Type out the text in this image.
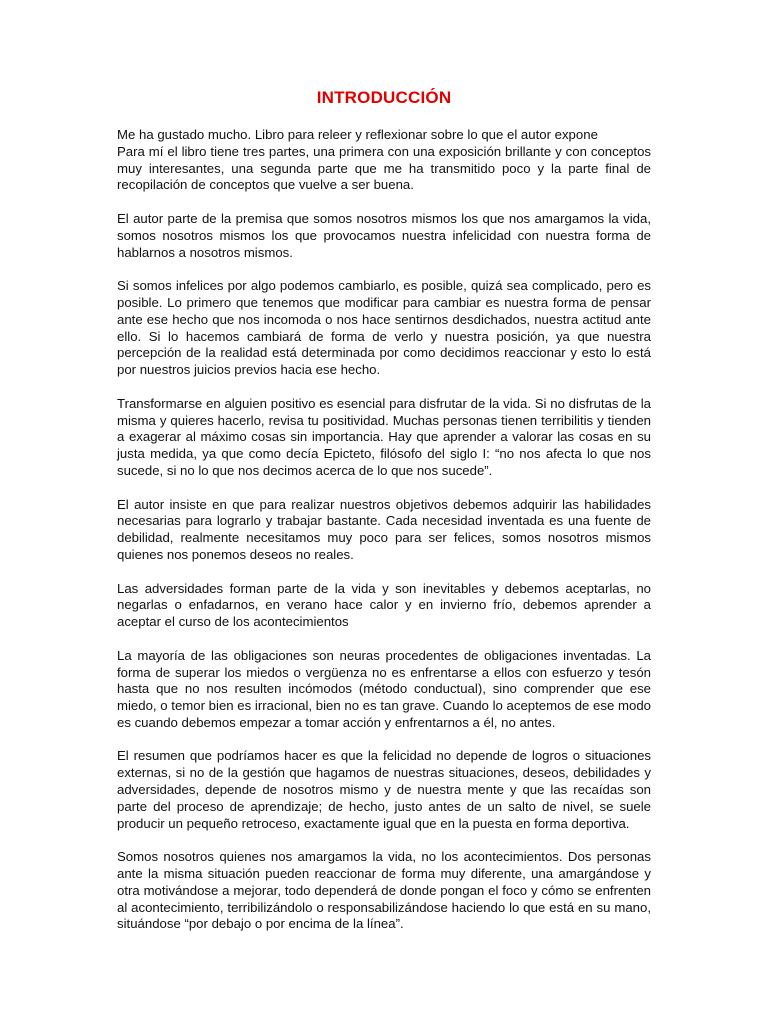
INTRODUCCIÓN

Me ha gustado mucho. Libro para releer y reflexionar sobre lo que el autor expone
Para mí el libro tiene tres partes, una primera con una exposición brillante y con conceptos muy interesantes, una segunda parte que me ha transmitido poco y la parte final de recopilación de conceptos que vuelve a ser buena.

El autor parte de la premisa que somos nosotros mismos los que nos amargamos la vida, somos nosotros mismos los que provocamos nuestra infelicidad con nuestra forma de hablarnos a nosotros mismos.

Si somos infelices por algo podemos cambiarlo, es posible, quizá sea complicado, pero es posible. Lo primero que tenemos que modificar para cambiar es nuestra forma de pensar ante ese hecho que nos incomoda o nos hace sentirnos desdichados, nuestra actitud ante ello. Si lo hacemos cambiará de forma de verlo y nuestra posición, ya que nuestra percepción de la realidad está determinada por como decidimos reaccionar y esto lo está por nuestros juicios previos hacia ese hecho.

Transformarse en alguien positivo es esencial para disfrutar de la vida. Si no disfrutas de la misma y quieres hacerlo, revisa tu positividad. Muchas personas tienen terribilitis y tienden a exagerar al máximo cosas sin importancia. Hay que aprender a valorar las cosas en su justa medida, ya que como decía Epicteto, filósofo del siglo I: “no nos afecta lo que nos sucede, si no lo que nos decimos acerca de lo que nos sucede”.

El autor insiste en que para realizar nuestros objetivos debemos adquirir las habilidades necesarias para lograrlo y trabajar bastante. Cada necesidad inventada es una fuente de debilidad, realmente necesitamos muy poco para ser felices, somos nosotros mismos quienes nos ponemos deseos no reales.

Las adversidades forman parte de la vida y son inevitables y debemos aceptarlas, no negarlas o enfadarnos, en verano hace calor y en invierno frío, debemos aprender a aceptar el curso de los acontecimientos

La mayoría de las obligaciones son neuras procedentes de obligaciones inventadas. La forma de superar los miedos o vergüenza no es enfrentarse a ellos con esfuerzo y tesón hasta que no nos resulten incómodos (método conductual), sino comprender que ese miedo, o temor bien es irracional, bien no es tan grave. Cuando lo aceptemos de ese modo es cuando debemos empezar a tomar acción y enfrentarnos a él, no antes.

El resumen que podríamos hacer es que la felicidad no depende de logros o situaciones externas, si no de la gestión que hagamos de nuestras situaciones, deseos, debilidades y adversidades, depende de nosotros mismo y de nuestra mente y que las recaídas son parte del proceso de aprendizaje; de hecho, justo antes de un salto de nivel, se suele producir un pequeño retroceso, exactamente igual que en la puesta en forma deportiva.

Somos nosotros quienes nos amargamos la vida, no los acontecimientos. Dos personas ante la misma situación pueden reaccionar de forma muy diferente, una amargándose y otra motivándose a mejorar, todo dependerá de donde pongan el foco y cómo se enfrenten al acontecimiento, terribilizándolo o responsabilizándose haciendo lo que está en su mano, situándose “por debajo o por encima de la línea”.
